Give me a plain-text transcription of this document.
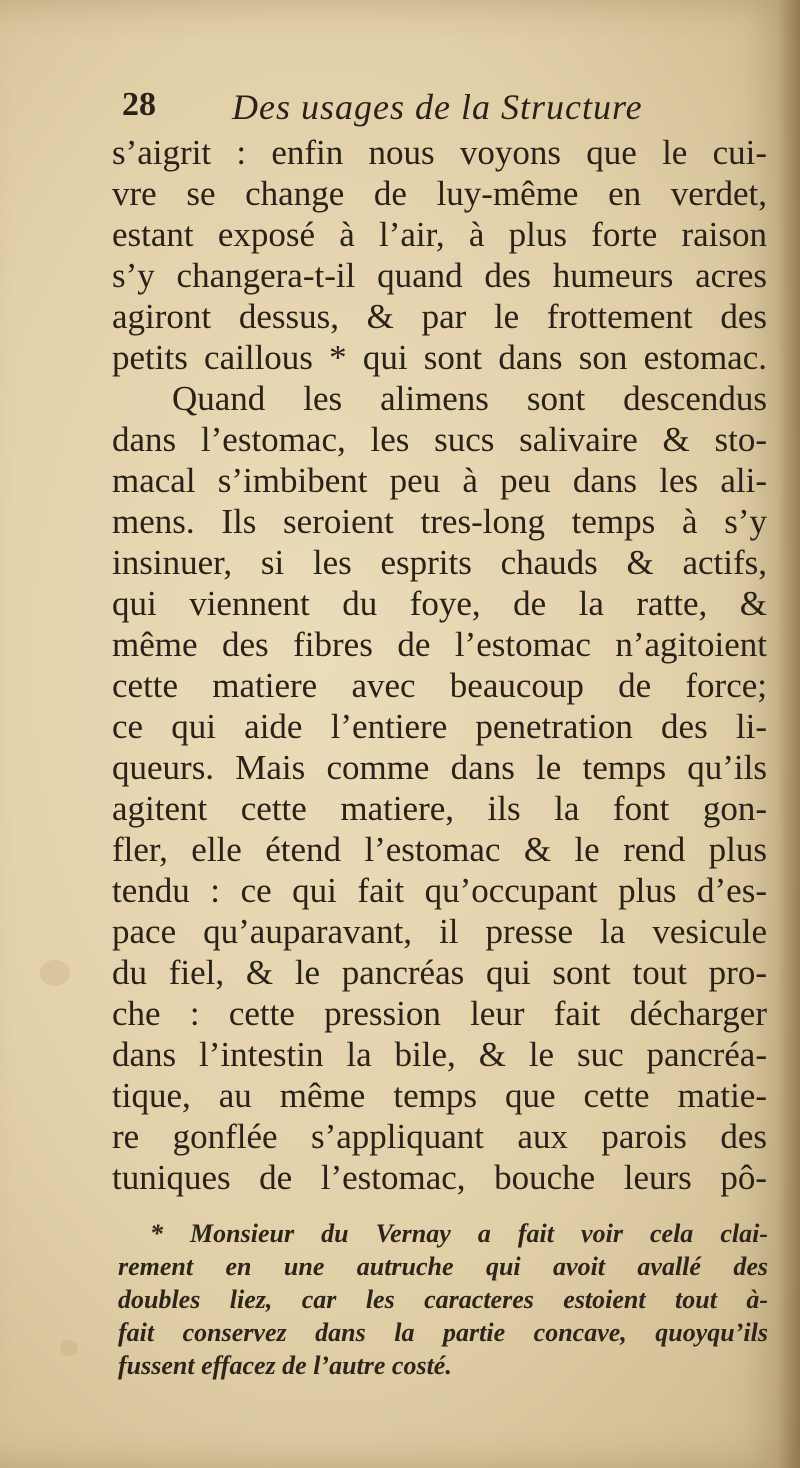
28 Des usages de la Structure
s’aigrit : enfin nous voyons que le cui-
vre se change de luy-même en verdet,
estant exposé à l’air, à plus forte raison
s’y changera-t-il quand des humeurs acres
agiront dessus, & par le frottement des
petits caillous * qui sont dans son estomac.
Quand les alimens sont descendus
dans l’estomac, les sucs salivaire & sto-
macal s’imbibent peu à peu dans les ali-
mens. Ils seroient tres-long temps à s’y
insinuer, si les esprits chauds & actifs,
qui viennent du foye, de la ratte, &
même des fibres de l’estomac n’agitoient
cette matiere avec beaucoup de force;
ce qui aide l’entiere penetration des li-
queurs. Mais comme dans le temps qu’ils
agitent cette matiere, ils la font gon-
fler, elle étend l’estomac & le rend plus
tendu : ce qui fait qu’occupant plus d’es-
pace qu’auparavant, il presse la vesicule
du fiel, & le pancréas qui sont tout pro-
che : cette pression leur fait décharger
dans l’intestin la bile, & le suc pancréa-
tique, au même temps que cette matie-
re gonflée s’appliquant aux parois des
tuniques de l’estomac, bouche leurs pô-
* Monsieur du Vernay a fait voir cela clai-
rement en une autruche qui avoit avallé des
doubles liez, car les caracteres estoient tout à-
fait conservez dans la partie concave, quoyqu’ils
fussent effacez de l’autre costé.
